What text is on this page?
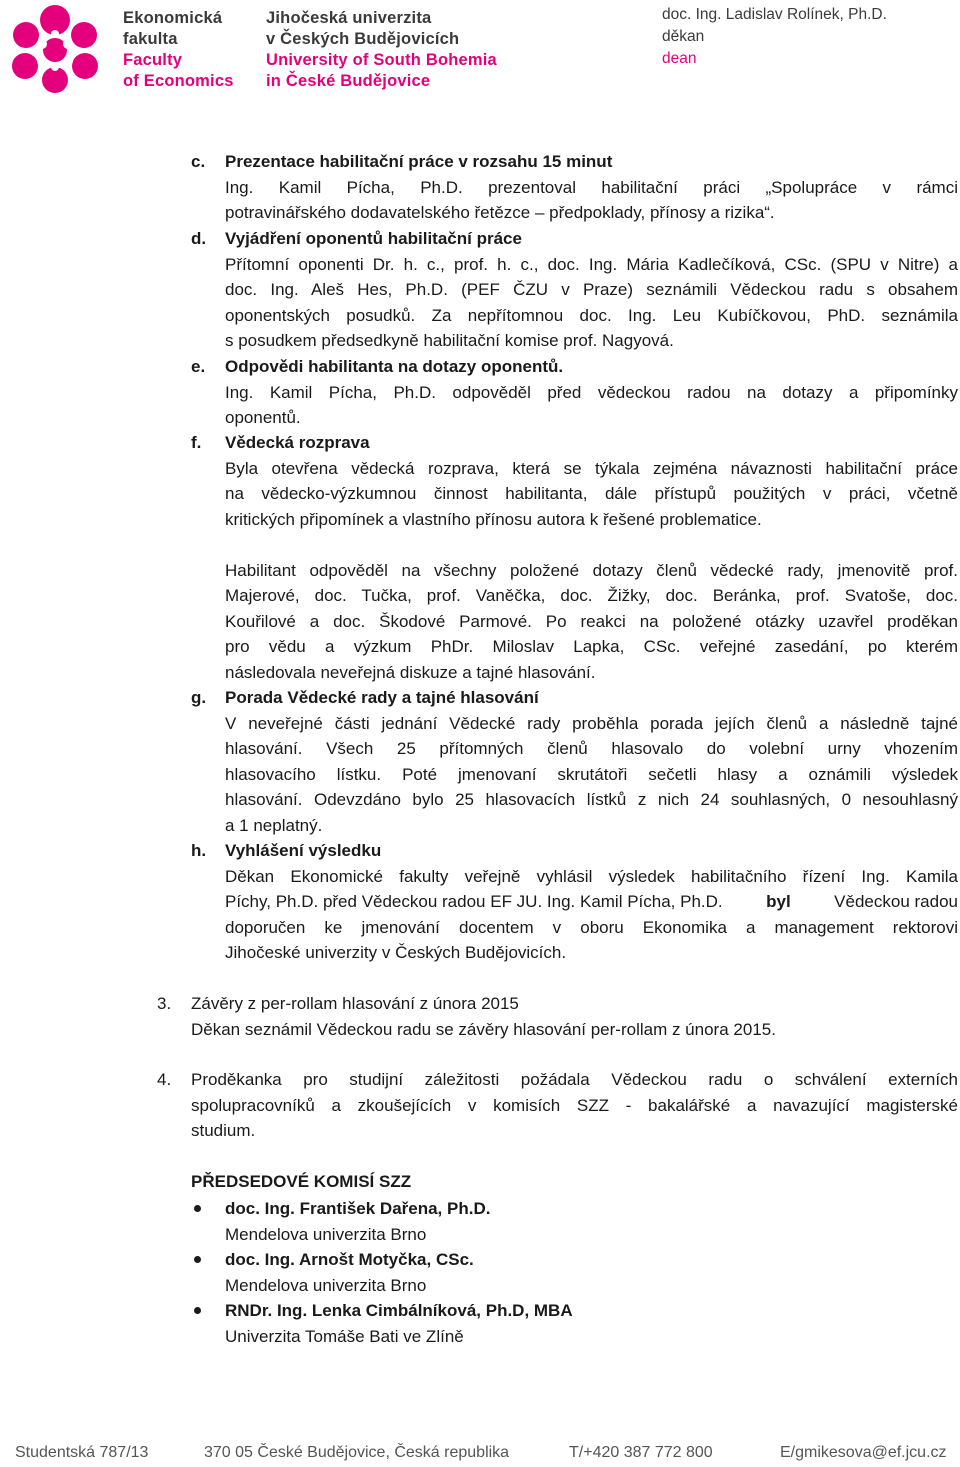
Ekonomická
fakulta
Faculty
of Economics
Jihočeská univerzita
v Českých Budějovicích
University of South Bohemia
in České Budějovice
doc. Ing. Ladislav Rolínek, Ph.D.
děkan
dean
c. Prezentace habilitační práce v rozsahu 15 minut
Ing. Kamil Pícha, Ph.D. prezentoval habilitační práci „Spolupráce v rámci
potravinářského dodavatelského řetězce – předpoklady, přínosy a rizika“.
d. Vyjádření oponentů habilitační práce
Přítomní oponenti Dr. h. c., prof. h. c., doc. Ing. Mária Kadlečíková, CSc. (SPU v Nitre) a
doc. Ing. Aleš Hes, Ph.D. (PEF ČZU v Praze) seznámili Vědeckou radu s obsahem
oponentských posudků. Za nepřítomnou doc. Ing. Leu Kubíčkovou, PhD. seznámila
s posudkem předsedkyně habilitační komise prof. Nagyová.
e. Odpovědi habilitanta na dotazy oponentů.
Ing. Kamil Pícha, Ph.D. odpověděl před vědeckou radou na dotazy a připomínky
oponentů.
f. Vědecká rozprava
Byla otevřena vědecká rozprava, která se týkala zejména návaznosti habilitační práce
na vědecko-výzkumnou činnost habilitanta, dále přístupů použitých v práci, včetně
kritických připomínek a vlastního přínosu autora k řešené problematice.
Habilitant odpověděl na všechny položené dotazy členů vědecké rady, jmenovitě prof.
Majerové, doc. Tučka, prof. Vaněčka, doc. Žižky, doc. Beránka, prof. Svatoše, doc.
Kouřilové a doc. Škodové Parmové. Po reakci na položené otázky uzavřel proděkan
pro vědu a výzkum PhDr. Miloslav Lapka, CSc. veřejné zasedání, po kterém
následovala neveřejná diskuze a tajné hlasování.
g. Porada Vědecké rady a tajné hlasování
V neveřejné části jednání Vědecké rady proběhla porada jejích členů a následně tajné
hlasování. Všech 25 přítomných členů hlasovalo do volební urny vhozením
hlasovacího lístku. Poté jmenovaní skrutátoři sečetli hlasy a oznámili výsledek
hlasování. Odevzdáno bylo 25 hlasovacích lístků z nich 24 souhlasných, 0 nesouhlasný
a 1 neplatný.
h. Vyhlášení výsledku
Děkan Ekonomické fakulty veřejně vyhlásil výsledek habilitačního řízení Ing. Kamila
Píchy, Ph.D. před Vědeckou radou EF JU. Ing. Kamil Pícha, Ph.D.	byl	Vědeckou radou
doporučen ke jmenování docentem v oboru Ekonomika a management rektorovi
Jihočeské univerzity v Českých Budějovicích.
3. Závěry z per-rollam hlasování z února 2015
Děkan seznámil Vědeckou radu se závěry hlasování per-rollam z února 2015.
4. Proděkanka pro studijní záležitosti požádala Vědeckou radu o schválení externích
spolupracovníků a zkoušejících v komisích SZZ - bakalářské a navazující magisterské
studium.
PŘEDSEDOVÉ KOMISÍ SZZ
doc. Ing. František Dařena, Ph.D.
Mendelova univerzita Brno
doc. Ing. Arnošt Motyčka, CSc.
Mendelova univerzita Brno
RNDr. Ing. Lenka Cimbálníková, Ph.D, MBA
Univerzita Tomáše Bati ve Zlíně
Studentská 787/13	370 05 České Budějovice, Česká republika	T/+420 387 772 800	E/gmikesova@ef.jcu.cz
